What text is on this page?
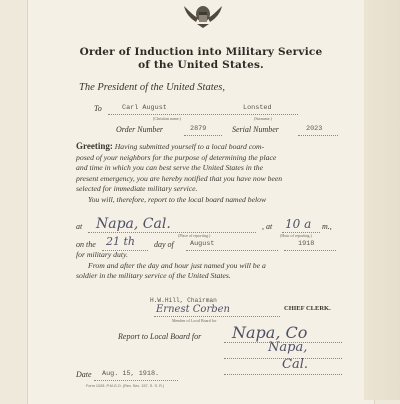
Order of Induction into Military Service
of the United States.
The President of the United States,
To	Carl August	Lonsted
(Christian name.)	(Surname.)
Order Number	2879	Serial Number	2023
Greeting: Having submitted yourself to a local board com-
posed of your neighbors for the purpose of determining the place
and time in which you can best serve the United States in the
present emergency, you are hereby notified that you have now been
selected for immediate military service.
You will, therefore, report to the local board named below
at Napa, Cal.
(Place of reporting.)
, at 10 a
(Hour of reporting.)
m.,
on the 21 th day of August	1918
for military duty.
From and after the day and hour just named you will be a
soldier in the military service of the United States.
H.W.Hill, Chairman
Ernest Corben	CHIEF CLERK.
Member of Local Board for
Report to Local Board for Napa, Co
Napa,
Cal.
Date Aug. 15, 1918.
Form 1028. P.M.G.O. (Rev. Sec. 157, S. S. R.)
